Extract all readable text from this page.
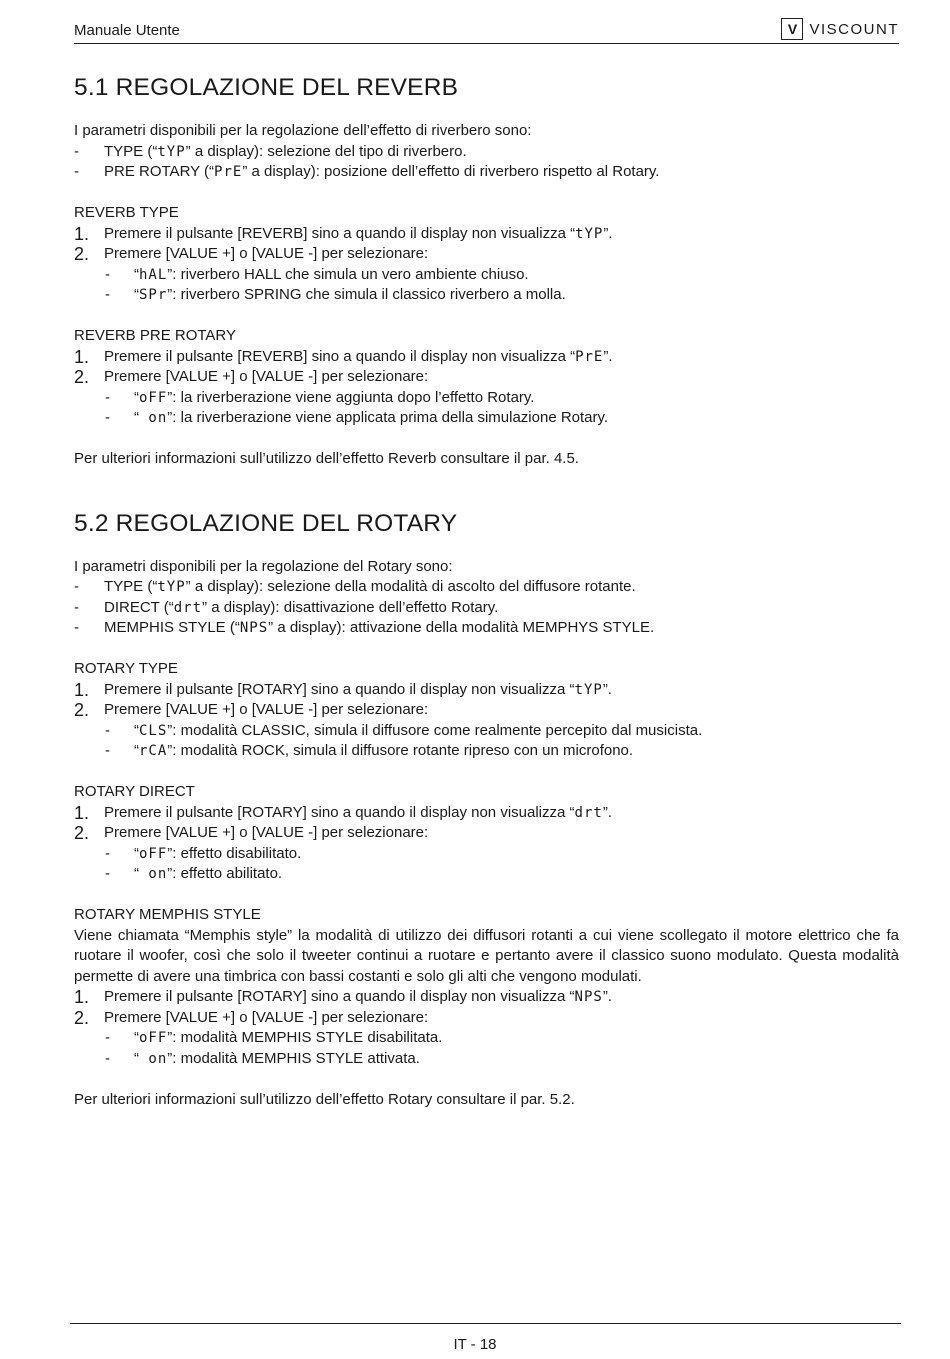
Manuale Utente	V VISCOUNT
5.1 REGOLAZIONE DEL REVERB

I parametri disponibili per la regolazione dell’effetto di riverbero sono:

- TYPE (“tYP” a display): selezione del tipo di riverbero.

- PRE ROTARY (“PrE” a display): posizione dell’effetto di riverbero rispetto al Rotary.

REVERB TYPE

1. Premere il pulsante [REVERB] sino a quando il display non visualizza “tYP”.

2. Premere [VALUE +] o [VALUE -] per selezionare:

- “hAL”: riverbero HALL che simula un vero ambiente chiuso.

- “SPr”: riverbero SPRING che simula il classico riverbero a molla.

REVERB PRE ROTARY

1. Premere il pulsante [REVERB] sino a quando il display non visualizza “PrE”.

2. Premere [VALUE +] o [VALUE -] per selezionare:

- “oFF”: la riverberazione viene aggiunta dopo l’effetto Rotary.

- “ on”: la riverberazione viene applicata prima della simulazione Rotary.

Per ulteriori informazioni sull’utilizzo dell’effetto Reverb consultare il par. 4.5.

5.2 REGOLAZIONE DEL ROTARY

I parametri disponibili per la regolazione del Rotary sono:

- TYPE (“tYP” a display): selezione della modalità di ascolto del diffusore rotante.

- DIRECT (“drt” a display): disattivazione dell’effetto Rotary.

- MEMPHIS STYLE (“NPS” a display): attivazione della modalità MEMPHYS STYLE.

ROTARY TYPE

1. Premere il pulsante [ROTARY] sino a quando il display non visualizza “tYP”.

2. Premere [VALUE +] o [VALUE -] per selezionare:

- “CLS”: modalità CLASSIC, simula il diffusore come realmente percepito dal musicista.

- “rCA”: modalità ROCK, simula il diffusore rotante ripreso con un microfono.

ROTARY DIRECT

1. Premere il pulsante [ROTARY] sino a quando il display non visualizza “drt”.

2. Premere [VALUE +] o [VALUE -] per selezionare:

- “oFF”: effetto disabilitato.

- “ on”: effetto abilitato.

ROTARY MEMPHIS STYLE

Viene chiamata “Memphis style” la modalità di utilizzo dei diffusori rotanti a cui viene scollegato il motore elettrico che fa ruotare il woofer, così che solo il tweeter continui a ruotare e pertanto avere il classico suono modulato. Questa modalità permette di avere una timbrica con bassi costanti e solo gli alti che vengono modulati.

1. Premere il pulsante [ROTARY] sino a quando il display non visualizza “NPS”.

2. Premere [VALUE +] o [VALUE -] per selezionare:

- “oFF”: modalità MEMPHIS STYLE disabilitata.

- “ on”: modalità MEMPHIS STYLE attivata.

Per ulteriori informazioni sull’utilizzo dell’effetto Rotary consultare il par. 5.2.

IT - 18
